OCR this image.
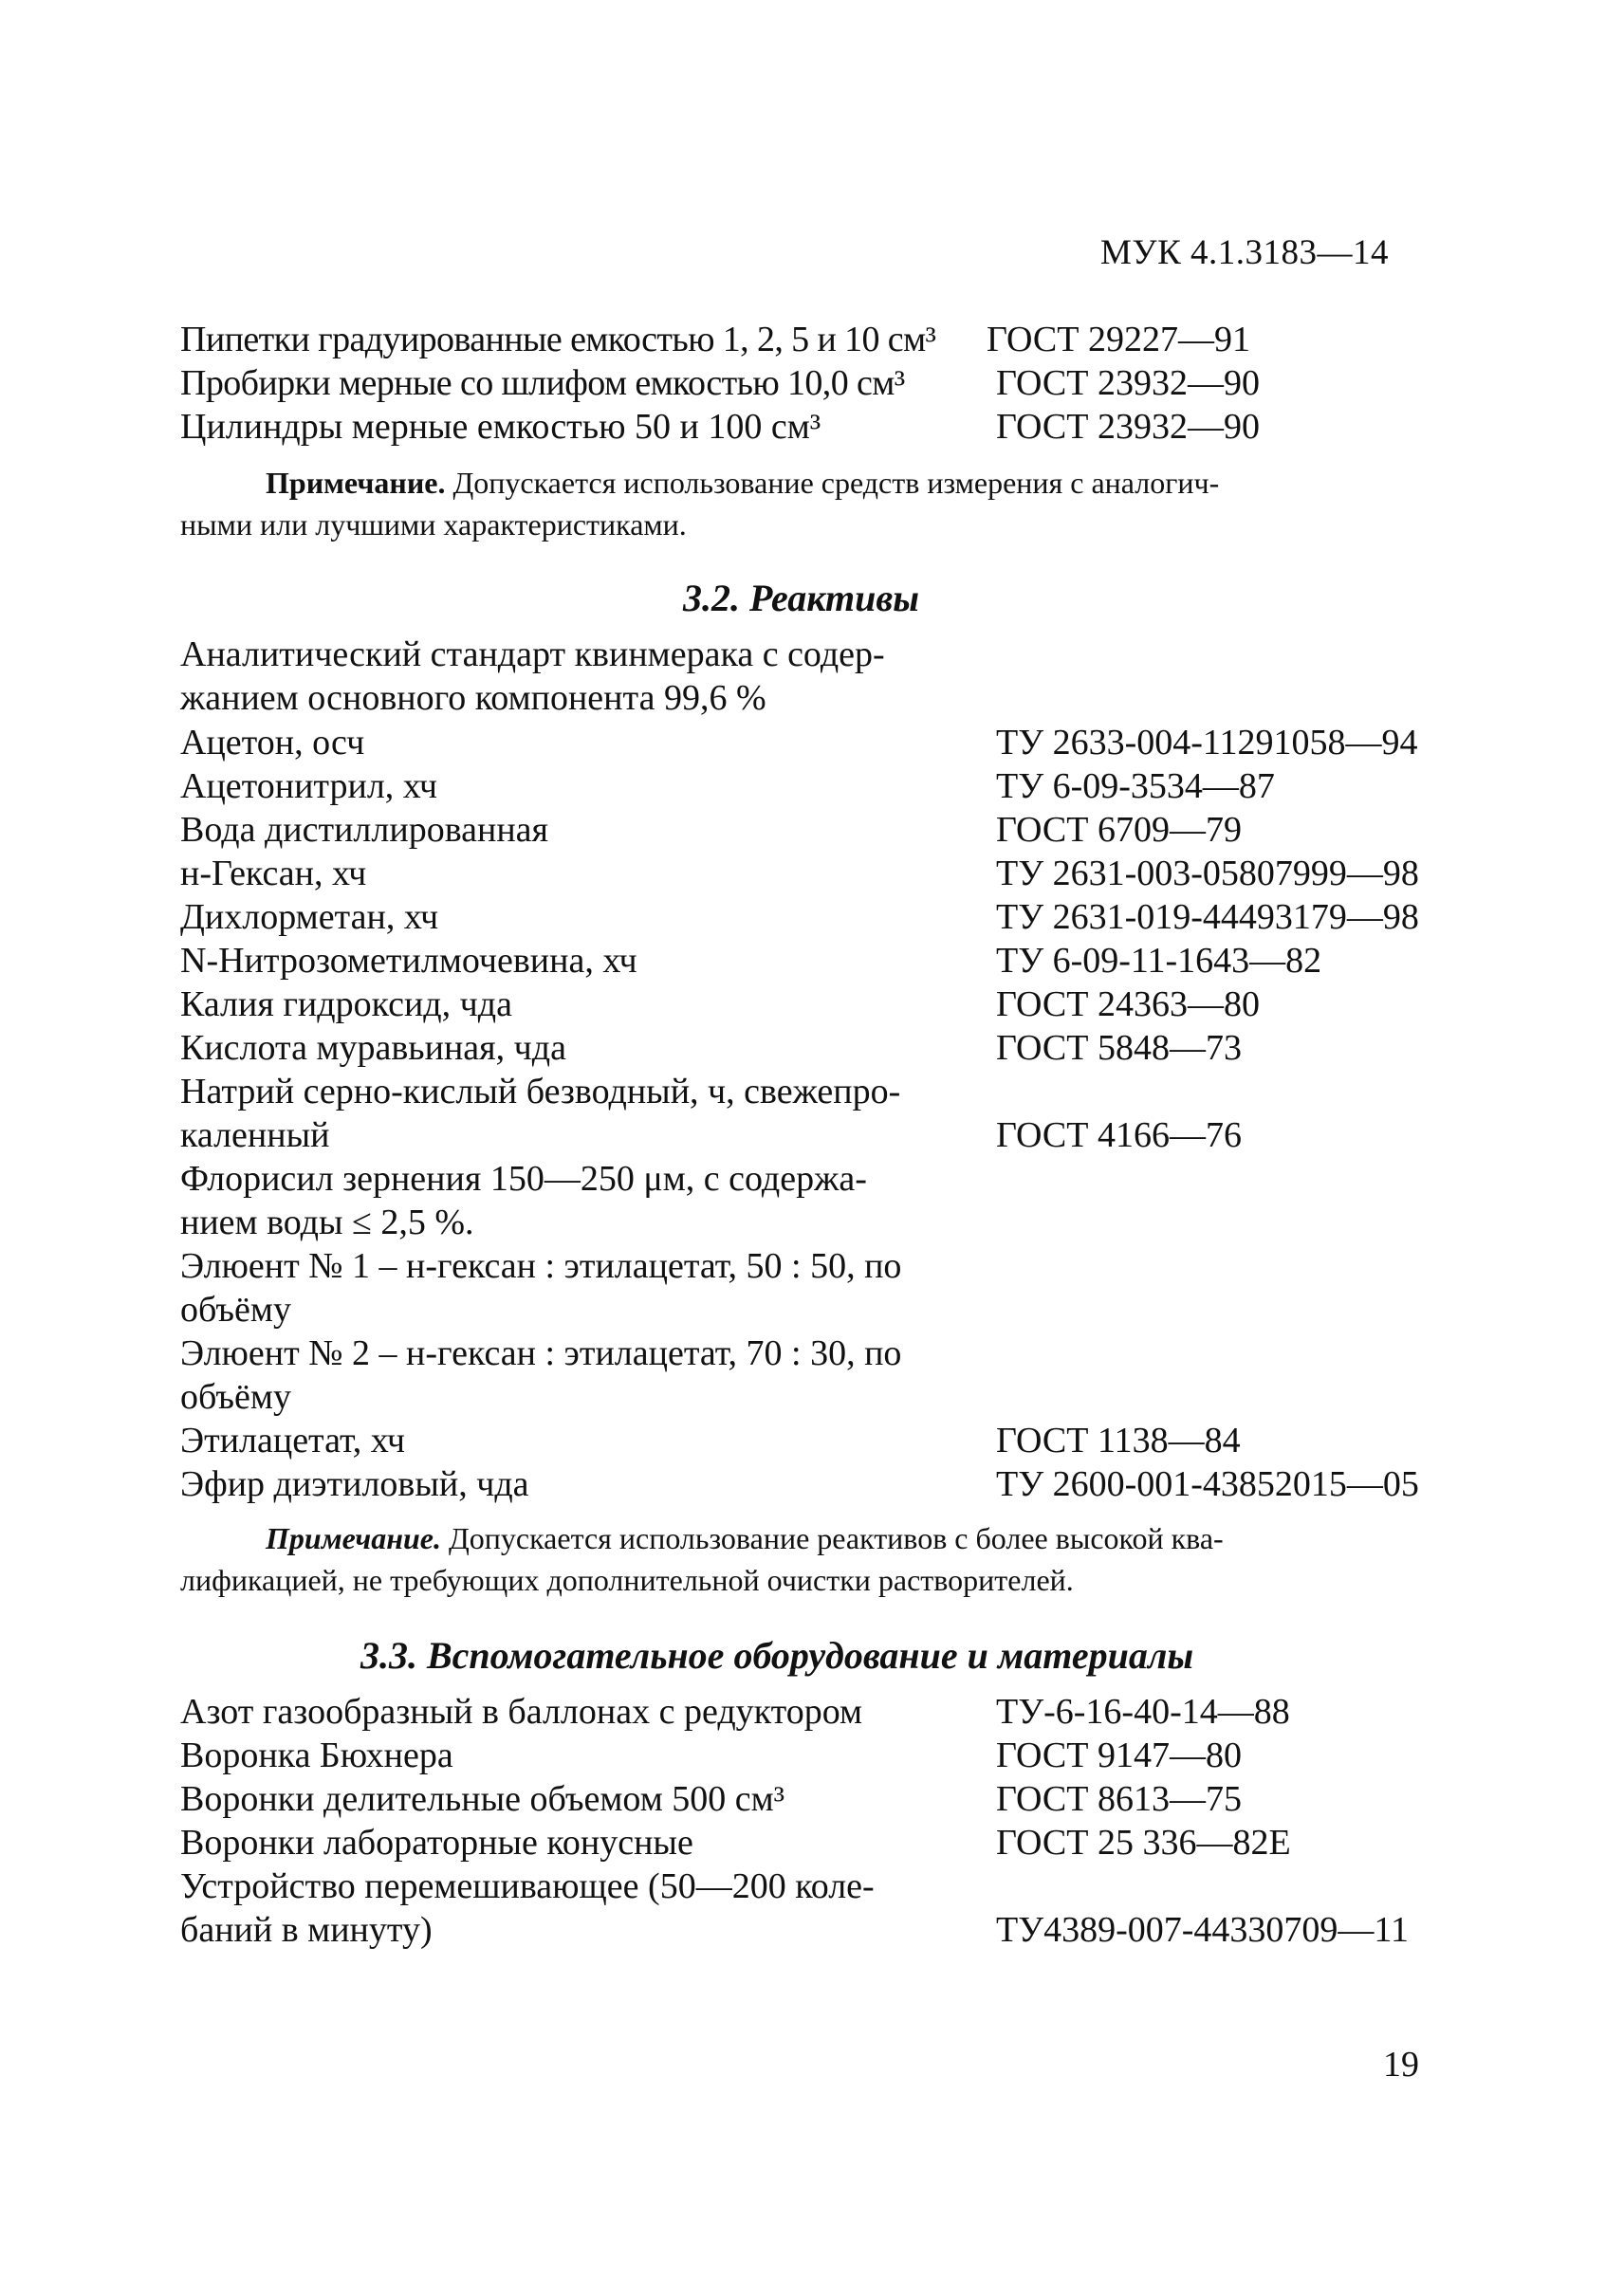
МУК 4.1.3183—14
Пипетки градуированные емкостью 1, 2, 5 и 10 см³ ГОСТ 29227—91
Пробирки мерные со шлифом емкостью 10,0 см³	ГОСТ 23932—90
Цилиндры мерные емкостью 50 и 100 см³	ГОСТ 23932—90
Примечание. Допускается использование средств измерения с аналогич-
ными или лучшими характеристиками.
3.2. Реактивы
Аналитический стандарт квинмерака с содер-
жанием основного компонента 99,6 %
Ацетон, осч	ТУ 2633-004-11291058—94
Ацетонитрил, хч	ТУ 6-09-3534—87
Вода дистиллированная	ГОСТ 6709—79
н-Гексан, хч	ТУ 2631-003-05807999—98
Дихлорметан, хч	ТУ 2631-019-44493179—98
N-Нитрозометилмочевина, хч	ТУ 6-09-11-1643—82
Калия гидроксид, чда	ГОСТ 24363—80
Кислота муравьиная, чда	ГОСТ 5848—73
Натрий серно-кислый безводный, ч, свежепро-
каленный	ГОСТ 4166—76
Флорисил зернения 150—250 μм, с содержа-
нием воды ≤ 2,5 %.
Элюент № 1 – н-гексан : этилацетат, 50 : 50, по
объёму
Элюент № 2 – н-гексан : этилацетат, 70 : 30, по
объёму
Этилацетат, хч	ГОСТ 1138—84
Эфир диэтиловый, чда	ТУ 2600-001-43852015—05
Примечание. Допускается использование реактивов с более высокой ква-
лификацией, не требующих дополнительной очистки растворителей.
3.3. Вспомогательное оборудование и материалы
Азот газообразный в баллонах с редуктором	ТУ-6-16-40-14—88
Воронка Бюхнера	ГОСТ 9147—80
Воронки делительные объемом 500 см³	ГОСТ 8613—75
Воронки лабораторные конусные	ГОСТ 25 336—82Е
Устройство перемешивающее (50—200 коле-
баний в минуту)	ТУ4389-007-44330709—11
19
